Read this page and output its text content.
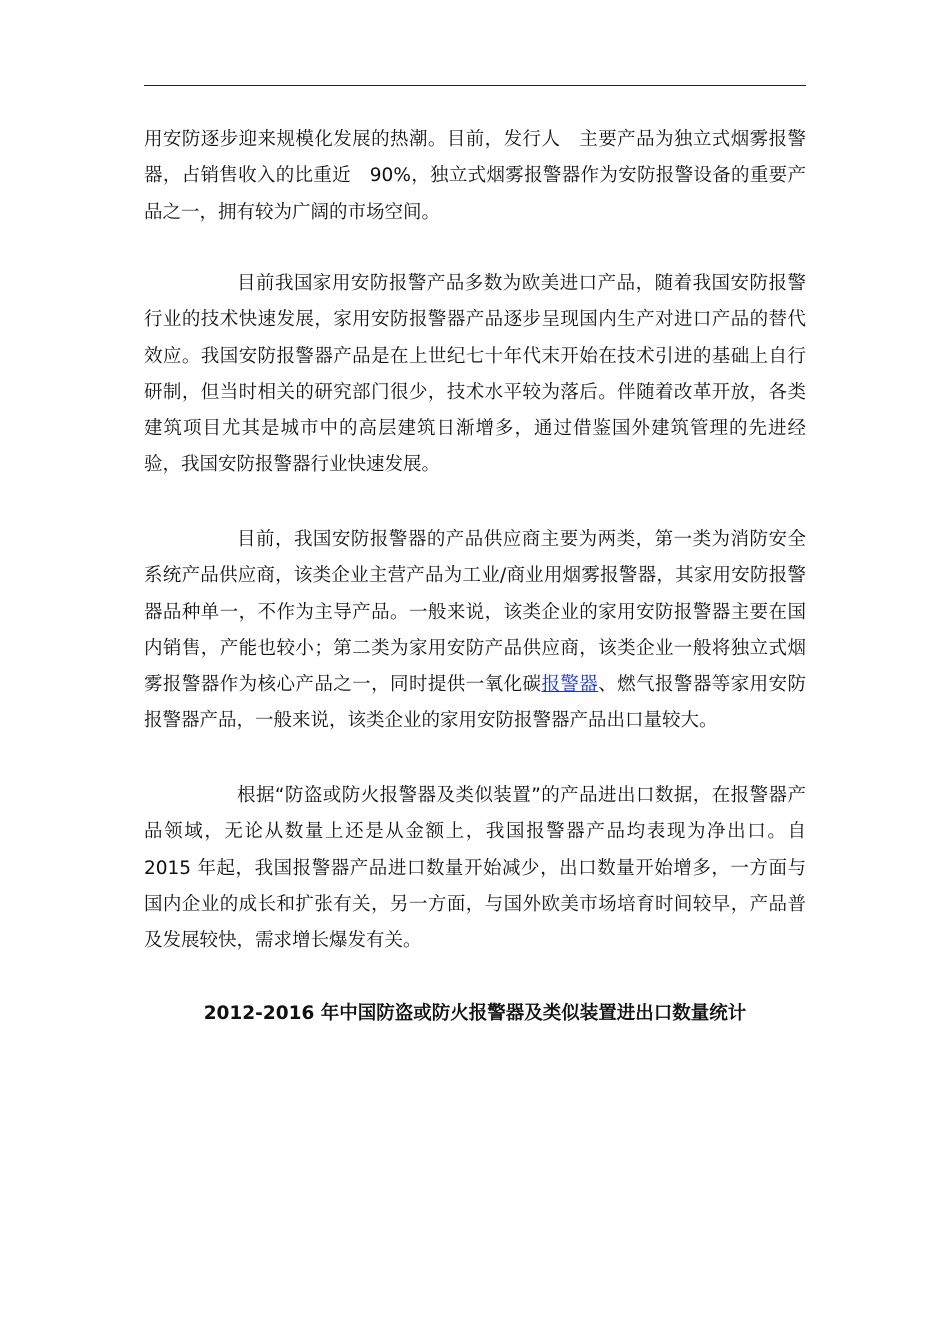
用安防逐步迎来规模化发展的热潮。目前，发行人　主要产品为独立式烟雾报警器，占销售收入的比重近　90%，独立式烟雾报警器作为安防报警设备的重要产品之一，拥有较为广阔的市场空间。

目前我国家用安防报警产品多数为欧美进口产品，随着我国安防报警行业的技术快速发展，家用安防报警器产品逐步呈现国内生产对进口产品的替代效应。我国安防报警器产品是在上世纪七十年代末开始在技术引进的基础上自行研制，但当时相关的研究部门很少，技术水平较为落后。伴随着改革开放，各类建筑项目尤其是城市中的高层建筑日渐增多，通过借鉴国外建筑管理的先进经验，我国安防报警器行业快速发展。

目前，我国安防报警器的产品供应商主要为两类，第一类为消防安全系统产品供应商，该类企业主营产品为工业/商业用烟雾报警器，其家用安防报警器品种单一，不作为主导产品。一般来说，该类企业的家用安防报警器主要在国内销售，产能也较小；第二类为家用安防产品供应商，该类企业一般将独立式烟雾报警器作为核心产品之一，同时提供一氧化碳报警器、燃气报警器等家用安防报警器产品，一般来说，该类企业的家用安防报警器产品出口量较大。

根据“防盗或防火报警器及类似装置”的产品进出口数据，在报警器产品领域，无论从数量上还是从金额上，我国报警器产品均表现为净出口。自　2015 年起，我国报警器产品进口数量开始减少，出口数量开始增多，一方面与国内企业的成长和扩张有关，另一方面，与国外欧美市场培育时间较早，产品普及发展较快，需求增长爆发有关。

2012-2016 年中国防盗或防火报警器及类似装置进出口数量统计
